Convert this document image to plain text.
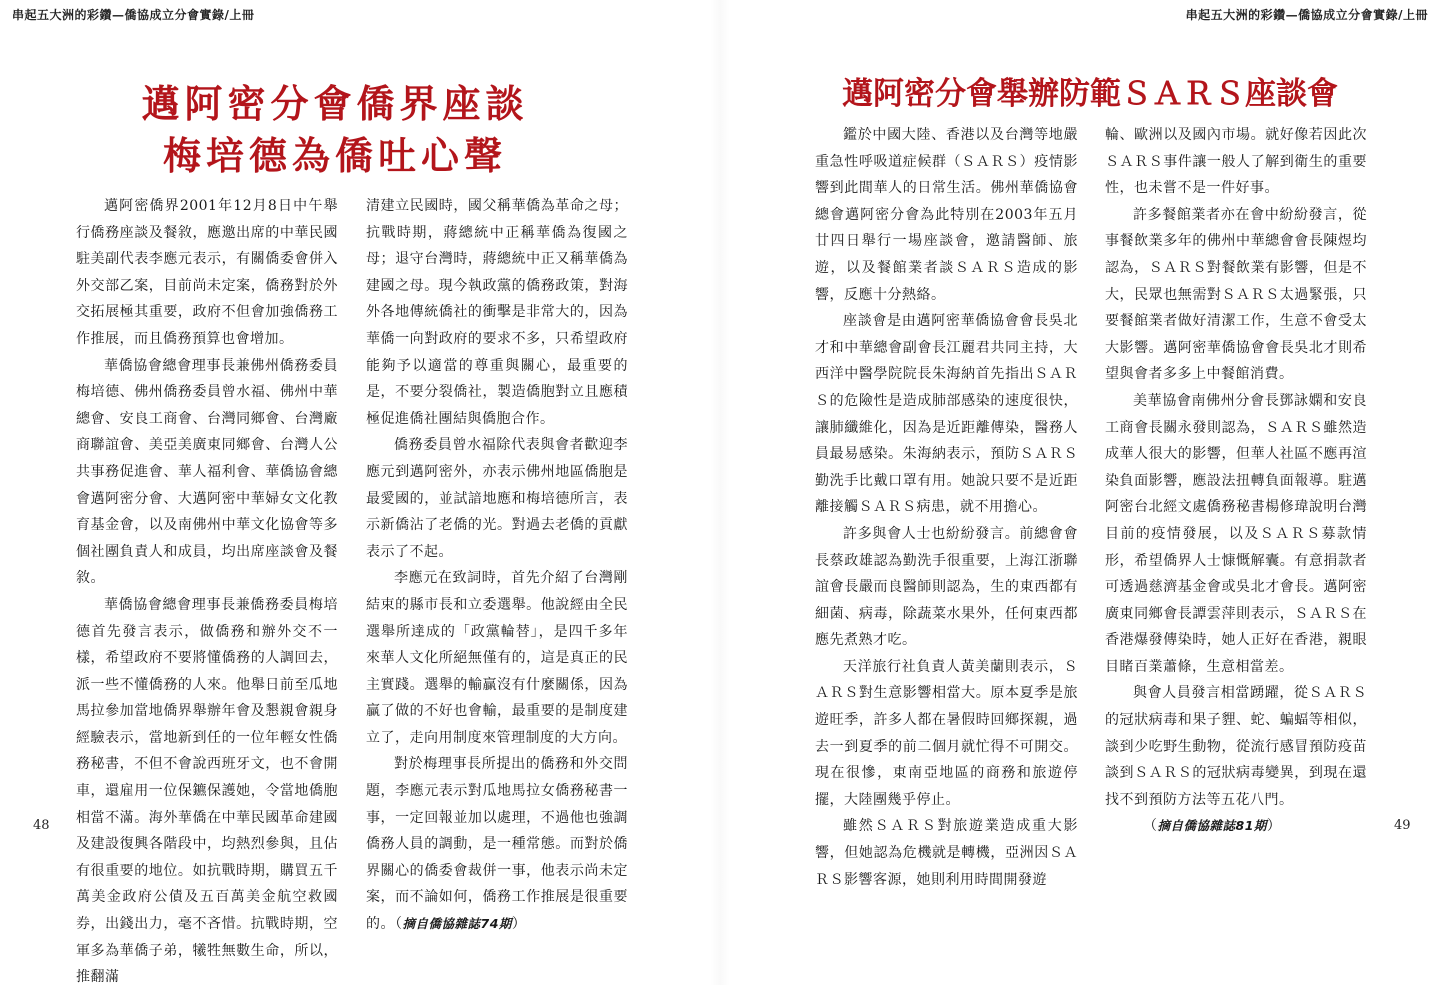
串起五大洲的彩鑽—僑協成立分會實錄/上冊	串起五大洲的彩鑽—僑協成立分會實錄/上冊
邁阿密分會僑界座談
梅培德為僑吐心聲

邁阿密僑界2001年12月8日中午舉行僑務座談及餐敘，應邀出席的中華民國駐美副代表李應元表示，有關僑委會併入外交部乙案，目前尚未定案，僑務對於外交拓展極其重要，政府不但會加強僑務工作推展，而且僑務預算也會增加。

華僑協會總會理事長兼佛州僑務委員梅培德、佛州僑務委員曾水福、佛州中華總會、安良工商會、台灣同鄉會、台灣廠商聯誼會、美亞美廣東同鄉會、台灣人公共事務促進會、華人福利會、華僑協會總會邁阿密分會、大邁阿密中華婦女文化教育基金會，以及南佛州中華文化協會等多個社團負責人和成員，均出席座談會及餐敘。

華僑協會總會理事長兼僑務委員梅培德首先發言表示，做僑務和辦外交不一樣，希望政府不要將懂僑務的人調回去，派一些不懂僑務的人來。他舉日前至瓜地馬拉參加當地僑界舉辦年會及懇親會親身經驗表示，當地新到任的一位年輕女性僑務秘書，不但不會說西班牙文，也不會開車，還雇用一位保鑣保護她，令當地僑胞相當不滿。海外華僑在中華民國革命建國及建設復興各階段中，均熱烈參與，且佔有很重要的地位。如抗戰時期，購買五千萬美金政府公債及五百萬美金航空救國券，出錢出力，毫不吝惜。抗戰時期，空軍多為華僑子弟，犧牲無數生命，所以，推翻滿

清建立民國時，國父稱華僑為革命之母；抗戰時期，蔣總統中正稱華僑為復國之母；退守台灣時，蔣總統中正又稱華僑為建國之母。現今執政黨的僑務政策，對海外各地傳統僑社的衝擊是非常大的，因為華僑一向對政府的要求不多，只希望政府能夠予以適當的尊重與關心，最重要的是，不要分裂僑社，製造僑胞對立且應積極促進僑社團結與僑胞合作。

僑務委員曾水福除代表與會者歡迎李應元到邁阿密外，亦表示佛州地區僑胞是最愛國的，並試諳地應和梅培德所言，表示新僑沾了老僑的光。對過去老僑的貢獻表示了不起。

李應元在致詞時，首先介紹了台灣剛結束的縣市長和立委選舉。他說經由全民選舉所達成的「政黨輪替」，是四千多年來華人文化所絕無僅有的，這是真正的民主實踐。選舉的輸贏沒有什麼關係，因為贏了做的不好也會輸，最重要的是制度建立了，走向用制度來管理制度的大方向。

對於梅理事長所提出的僑務和外交問題，李應元表示對瓜地馬拉女僑務秘書一事，一定回報並加以處理，不過他也強調僑務人員的調動，是一種常態。而對於僑界關心的僑委會裁併一事，他表示尚未定案，而不論如何，僑務工作推展是很重要的。（摘自僑協雜誌74期）

48
邁阿密分會舉辦防範ＳＡＲＳ座談會

鑑於中國大陸、香港以及台灣等地嚴重急性呼吸道症候群（ＳＡＲＳ）疫情影響到此間華人的日常生活。佛州華僑協會總會邁阿密分會為此特別在2003年五月廿四日舉行一場座談會，邀請醫師、旅遊，以及餐館業者談ＳＡＲＳ造成的影響，反應十分熱絡。

座談會是由邁阿密華僑協會會長吳北才和中華總會副會長江麗君共同主持，大西洋中醫學院院長朱海納首先指出ＳＡＲＳ的危險性是造成肺部感染的速度很快，讓肺纖維化，因為是近距離傳染，醫務人員最易感染。朱海納表示，預防ＳＡＲＳ勤洗手比戴口罩有用。她說只要不是近距離接觸ＳＡＲＳ病患，就不用擔心。

許多與會人士也紛紛發言。前總會會長蔡政雄認為勤洗手很重要，上海江浙聯誼會長嚴而良醫師則認為，生的東西都有細菌、病毒，除蔬菜水果外，任何東西都應先煮熟才吃。

天洋旅行社負責人黃美蘭則表示，ＳＡＲＳ對生意影響相當大。原本夏季是旅遊旺季，許多人都在暑假時回鄉探親，過去一到夏季的前二個月就忙得不可開交。現在很慘，東南亞地區的商務和旅遊停擺，大陸團幾乎停止。

雖然ＳＡＲＳ對旅遊業造成重大影響，但她認為危機就是轉機，亞洲因ＳＡＲＳ影響客源，她則利用時間開發遊

輪、歐洲以及國內市場。就好像若因此次ＳＡＲＳ事件讓一般人了解到衛生的重要性，也未嘗不是一件好事。

許多餐館業者亦在會中紛紛發言，從事餐飲業多年的佛州中華總會會長陳煜均認為，ＳＡＲＳ對餐飲業有影響，但是不大，民眾也無需對ＳＡＲＳ太過緊張，只要餐館業者做好清潔工作，生意不會受太大影響。邁阿密華僑協會會長吳北才則希望與會者多多上中餐館消費。

美華協會南佛州分會長鄧詠嫻和安良工商會長關永發則認為，ＳＡＲＳ雖然造成華人很大的影響，但華人社區不應再渲染負面影響，應設法扭轉負面報導。駐邁阿密台北經文處僑務秘書楊修瑋說明台灣目前的疫情發展，以及ＳＡＲＳ募款情形，希望僑界人士慷慨解囊。有意捐款者可透過慈濟基金會或吳北才會長。邁阿密廣東同鄉會長譚雲萍則表示，ＳＡＲＳ在香港爆發傳染時，她人正好在香港，親眼目睹百業蕭條，生意相當差。

與會人員發言相當踴躍，從ＳＡＲＳ的冠狀病毒和果子貍、蛇、蝙蝠等相似，談到少吃野生動物，從流行感冒預防疫苗談到ＳＡＲＳ的冠狀病毒變異，到現在還找不到預防方法等五花八門。

（摘自僑協雜誌81期）	49
